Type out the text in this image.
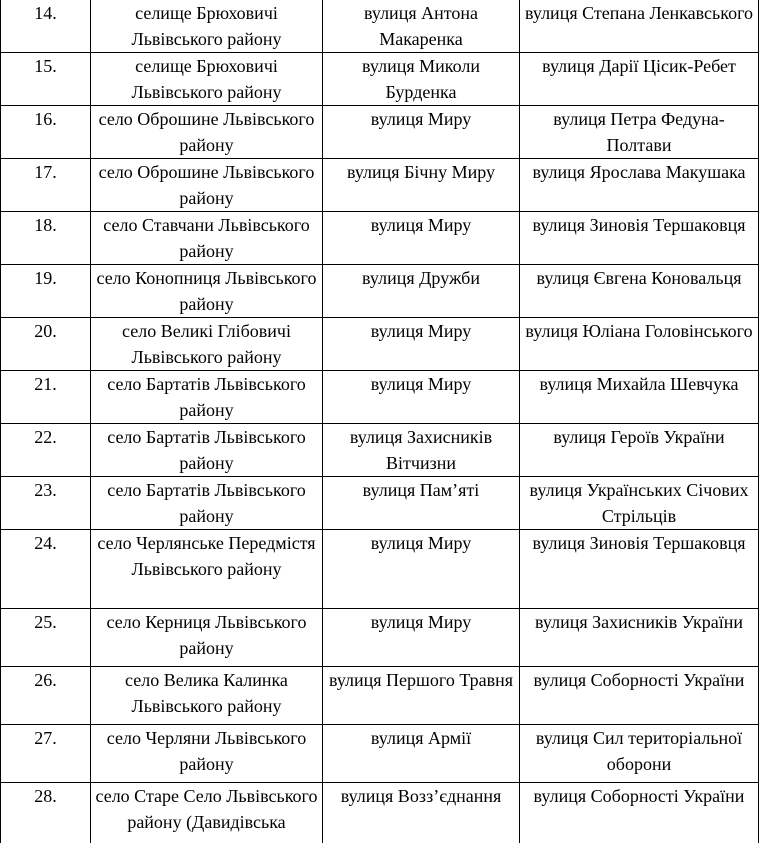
14.	селище Брюховичі Львівського району	вулиця Антона Макаренка	вулиця Степана Ленкавського
15.	селище Брюховичі Львівського району	вулиця Миколи Бурденка	вулиця Дарії Цісик-Ребет
16.	село Оброшине Львівського району	вулиця Миру	вулиця Петра Федуна-Полтави
17.	село Оброшине Львівського району	вулиця Бічну Миру	вулиця Ярослава Макушака
18.	село Ставчани Львівського району	вулиця Миру	вулиця Зиновія Тершаковця
19.	село Конопниця Львівського району	вулиця Дружби	вулиця Євгена Коновальця
20.	село Великі Глібовичі Львівського району	вулиця Миру	вулиця Юліана Головінського
21.	село Бартатів Львівського району	вулиця Миру	вулиця Михайла Шевчука
22.	село Бартатів Львівського району	вулиця Захисників Вітчизни	вулиця Героїв України
23.	село Бартатів Львівського району	вулиця Пам’яті	вулиця Українських Січових Стрільців
24.	село Черлянське Передмістя Львівського району	вулиця Миру	вулиця Зиновія Тершаковця
25.	село Керниця Львівського району	вулиця Миру	вулиця Захисників України
26.	село Велика Калинка Львівського району	вулиця Першого Травня	вулиця Соборності України
27.	село Черляни Львівського району	вулиця Армії	вулиця Сил територіальної оборони
28.	село Старе Село Львівського району (Давидівська	вулиця Возз’єднання	вулиця Соборності України
